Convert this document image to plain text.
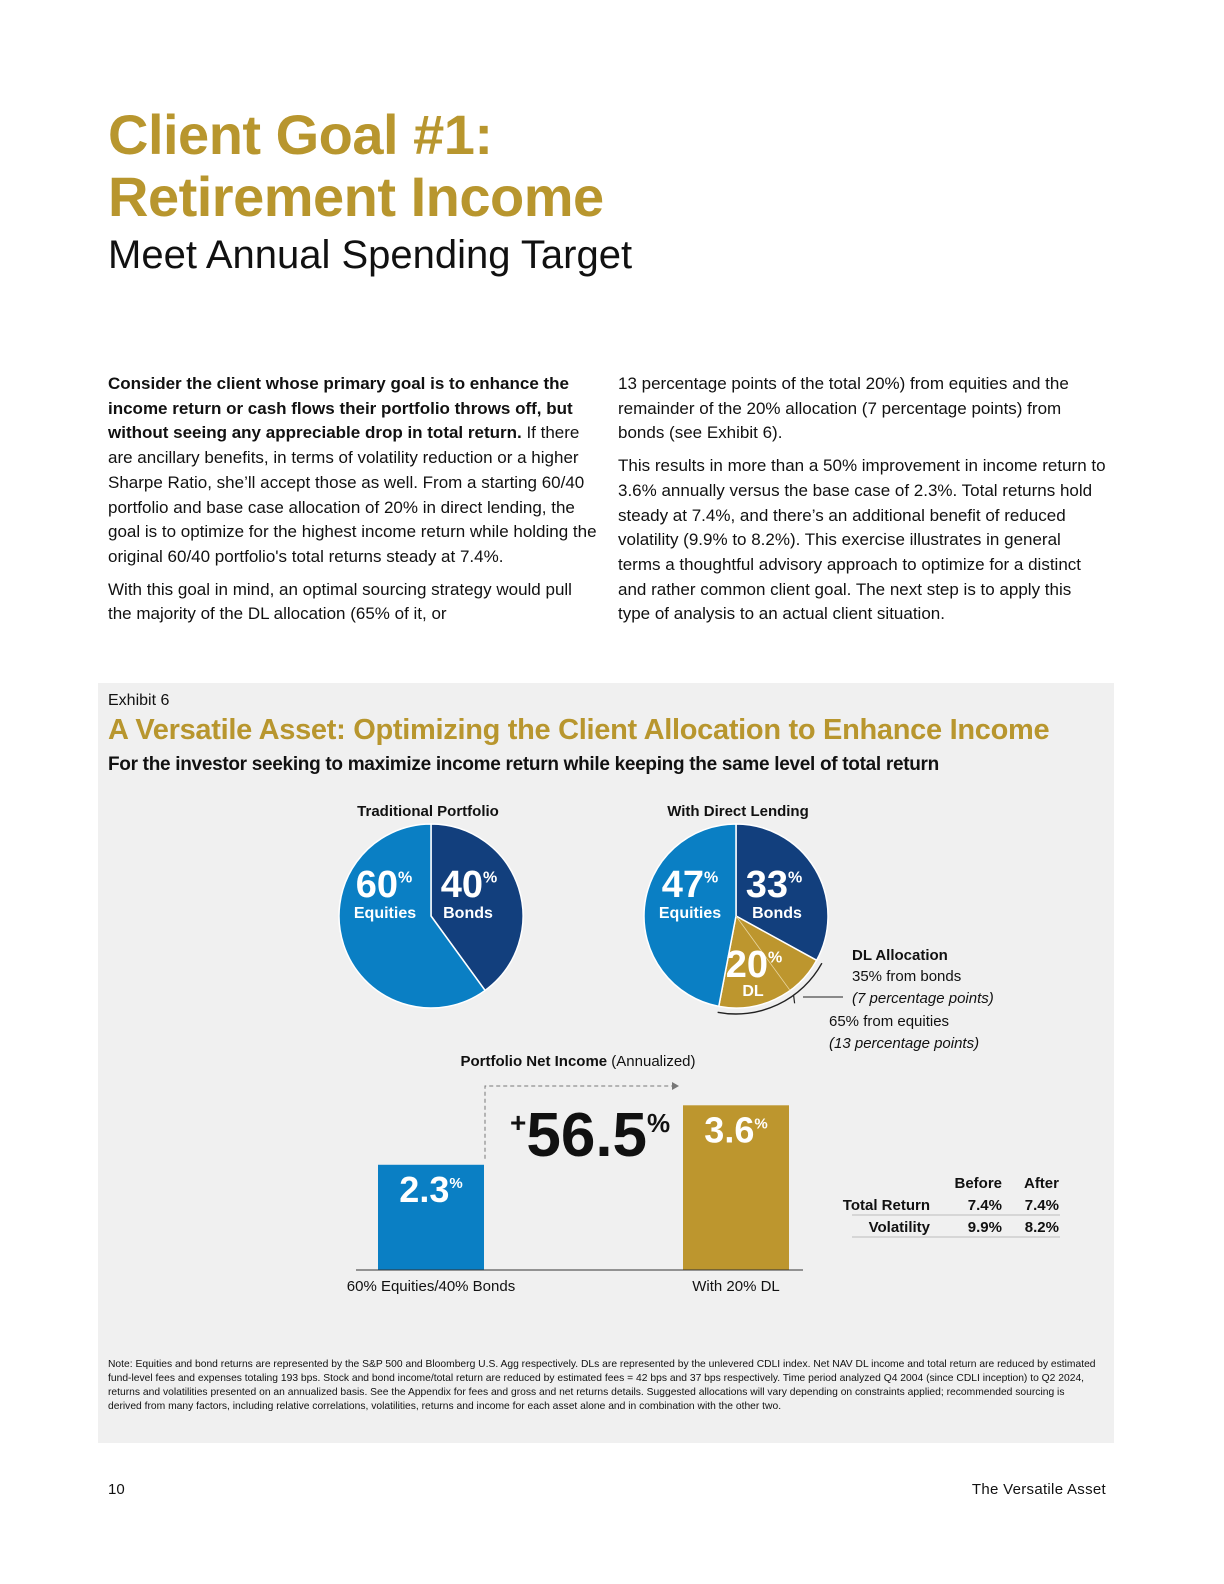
Client Goal #1:
Retirement Income
Meet Annual Spending Target

Consider the client whose primary goal is to enhance the income return or cash flows their portfolio throws off, but without seeing any appreciable drop in total return. If there are ancillary benefits, in terms of volatility reduction or a higher Sharpe Ratio, she’ll accept those as well. From a starting 60/40 portfolio and base case allocation of 20% in direct lending, the goal is to optimize for the highest income return while holding the original 60/40 portfolio's total returns steady at 7.4%.

With this goal in mind, an optimal sourcing strategy would pull the majority of the DL allocation (65% of it, or

13 percentage points of the total 20%) from equities and the remainder of the 20% allocation (7 percentage points) from bonds (see Exhibit 6).

This results in more than a 50% improvement in income return to 3.6% annually versus the base case of 2.3%. Total returns hold steady at 7.4%, and there’s an additional benefit of reduced volatility (9.9% to 8.2%). This exercise illustrates in general terms a thoughtful advisory approach to optimize for a distinct and rather common client goal. The next step is to apply this type of analysis to an actual client situation.

Exhibit 6
A Versatile Asset: Optimizing the Client Allocation to Enhance Income
For the investor seeking to maximize income return while keeping the same level of total return
Traditional Portfolio
60%
Equities
40%
Bonds
With Direct Lending
47%
Equities
33%
Bonds
20%
DL
DL Allocation
35% from bonds
(7 percentage points)
65% from equities
(13 percentage points)
Portfolio Net Income (Annualized)
2.3%
60% Equities/40% Bonds
3.6%
With 20% DL
+56.5%
Before After
Total Return	7.4% 7.4%
Volatility	9.9% 8.2%
Note: Equities and bond returns are represented by the S&P 500 and Bloomberg U.S. Agg respectively. DLs are represented by the unlevered CDLI index. Net NAV DL income and total return are reduced by estimated fund-level fees and expenses totaling 193 bps. Stock and bond income/total return are reduced by estimated fees = 42 bps and 37 bps respectively. Time period analyzed Q4 2004 (since CDLI inception) to Q2 2024, returns and volatilities presented on an annualized basis. See the Appendix for fees and gross and net returns details. Suggested allocations will vary depending on constraints applied; recommended sourcing is derived from many factors, including relative correlations, volatilities, returns and income for each asset alone and in combination with the other two.
10	The Versatile Asset
